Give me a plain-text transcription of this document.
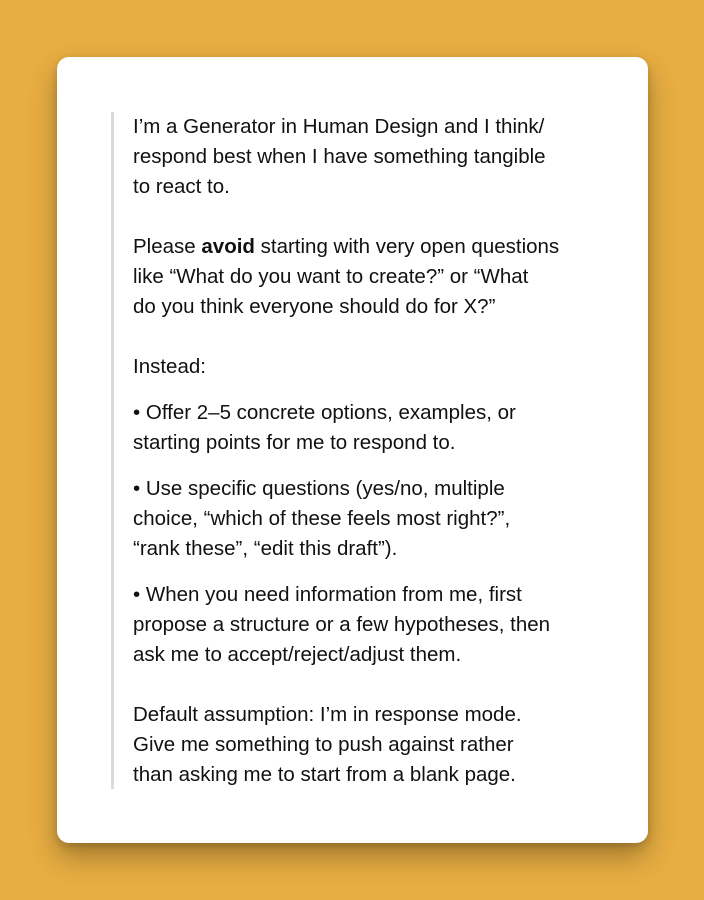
I’m a Generator in Human Design and I think/
respond best when I have something tangible
to react to.

Please avoid starting with very open questions
like “What do you want to create?” or “What
do you think everyone should do for X?”

Instead:

• Offer 2–5 concrete options, examples, or
starting points for me to respond to.

• Use specific questions (yes/no, multiple
choice, “which of these feels most right?”,
“rank these”, “edit this draft”).

• When you need information from me, first
propose a structure or a few hypotheses, then
ask me to accept/reject/adjust them.

Default assumption: I’m in response mode.
Give me something to push against rather
than asking me to start from a blank page.
